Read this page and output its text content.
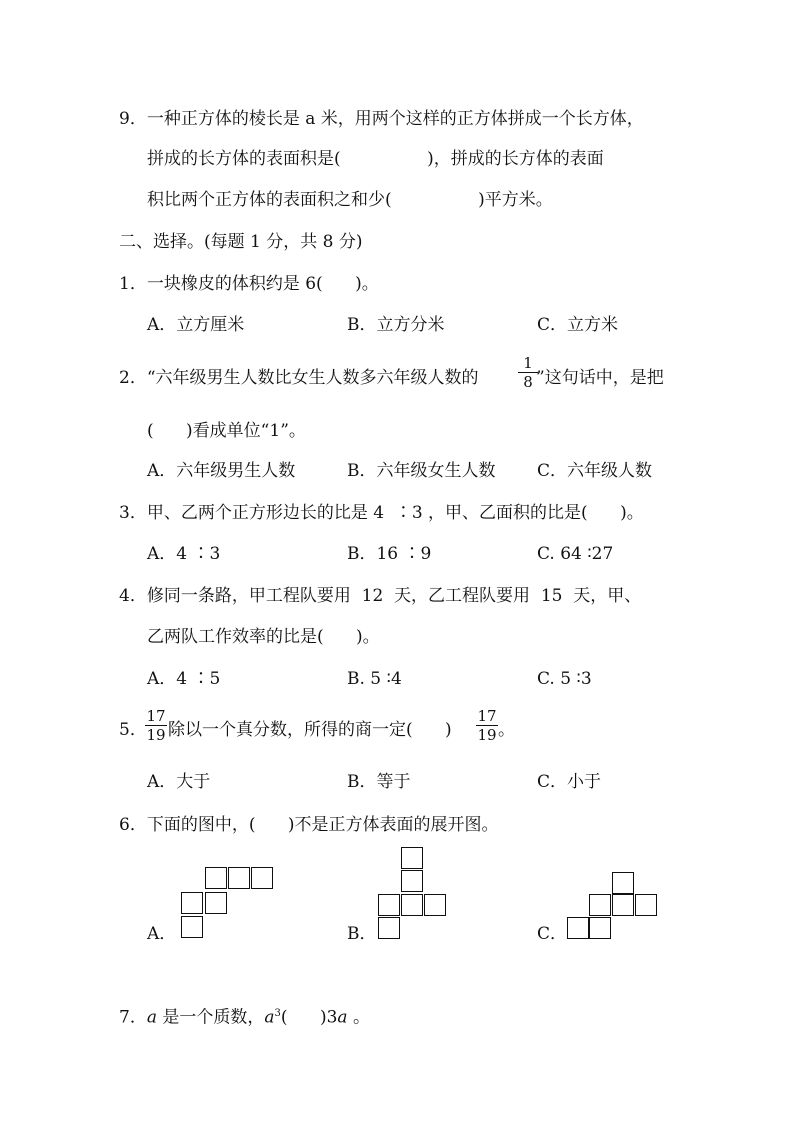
9．一种正方体的棱长是 a 米，用两个这样的正方体拼成一个长方体，
拼成的长方体的表面积是(                )，拼成的长方体的表面
积比两个正方体的表面积之和少(                )平方米。
二、选择。(每题 1 分，共 8 分)
1．一块橡皮的体积约是 6(      )。
A．立方厘米	B．立方分米	C．立方米
2．“六年级男生人数比女生人数多六年级人数的
1
8 ”这句话中，是把
(      )看成单位“1”。
A．六年级男生人数	B．六年级女生人数 C．六年级人数
3．甲、乙两个正方形边长的比是 4  ∶3 ，甲、乙面积的比是(      )。
A．4 ∶3	B．16 ∶9	C. 64 ∶27
4．修同一条路，甲工程队要用  12  天，乙工程队要用  15  天，甲、
乙两队工作效率的比是(      )。
A．4 ∶5	B. 5 ∶4	C. 5 ∶3
5．
17
19 除以一个真分数，所得的商一定(      )
17
19 。
A．大于	B．等于	C．小于
6．下面的图中，(      )不是正方体表面的展开图。
A．	B．	C．
7．a 是一个质数，$a^3$(      )3a 。
